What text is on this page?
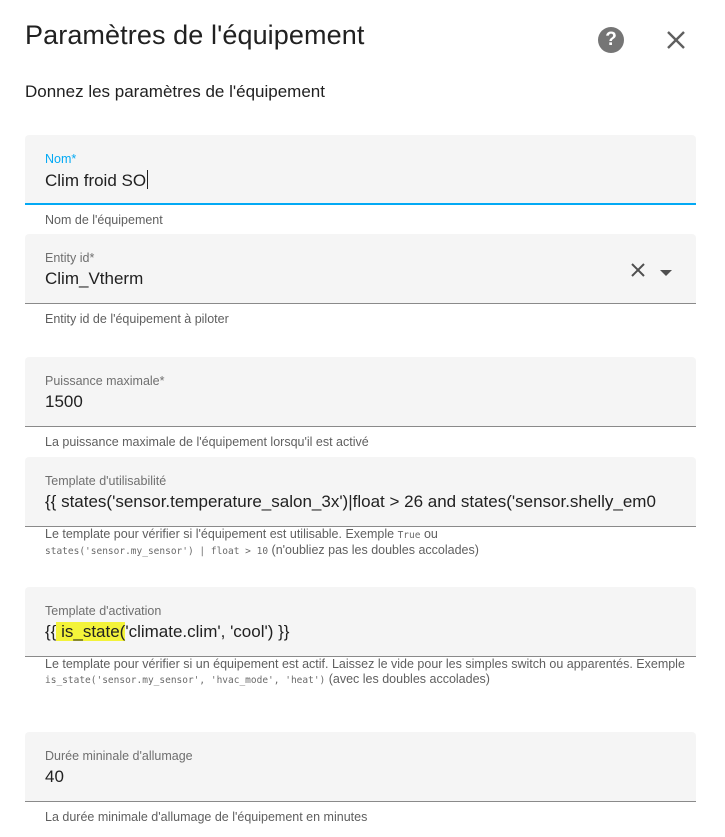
Paramètres de l'équipement	?
Donnez les paramètres de l'équipement
Nom*
Clim froid SO
Nom de l'équipement
Entity id*
Clim_Vtherm
Entity id de l'équipement à piloter
Puissance maximale*
1500
La puissance maximale de l'équipement lorsqu'il est activé
Template d'utilisabilité
{{ states('sensor.temperature_salon_3x')|float > 26 and states('sensor.shelly_em0
Le template pour vérifier si l'équipement est utilisable. Exemple True ou
states('sensor.my_sensor') | float > 10 (n'oubliez pas les doubles accolades)
Template d'activation
{{ is_state('climate.clim', 'cool') }}
Le template pour vérifier si un équipement est actif. Laissez le vide pour les simples switch ou apparentés. Exemple is_state('sensor.my_sensor', 'hvac_mode', 'heat') (avec les doubles accolades)
Durée mininale d'allumage
40
La durée minimale d'allumage de l'équipement en minutes
